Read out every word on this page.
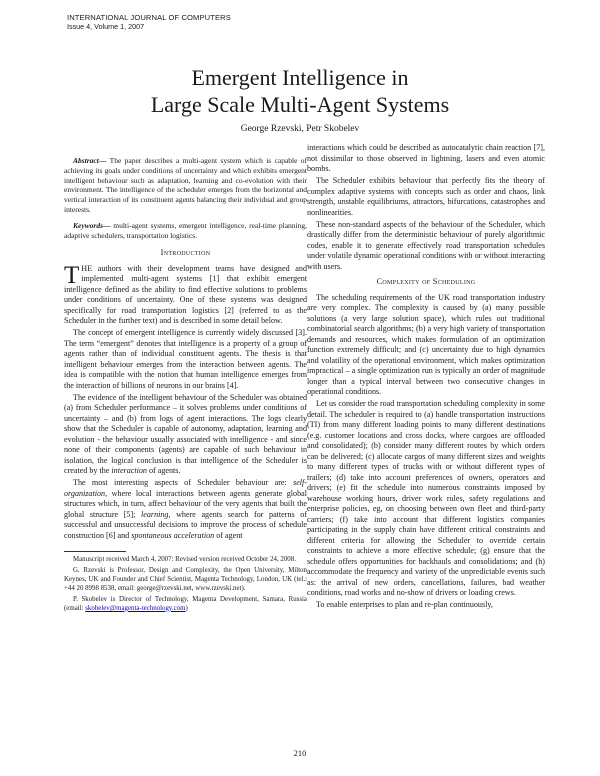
INTERNATIONAL JOURNAL OF COMPUTERS
Issue 4, Volume 1, 2007
Emergent Intelligence in
Large Scale Multi-Agent Systems
George Rzevski, Petr Skobelev

Abstract— The paper describes a multi-agent system which is capable of achieving its goals under conditions of uncertainty and which exhibits emergent intelligent behaviour such as adaptation, learning and co-evolution with their environment. The intelligence of the scheduler emerges from the horizontal and vertical interaction of its constituent agents balancing their individual and group interests.

Keywords— multi-agent systems, emergent intelligence, real-time planning, adaptive schedulers, transportation logistics.

Introduction

THE authors with their development teams have designed and implemented multi-agent systems [1] that exhibit emergent intelligence defined as the ability to find effective solutions to problems under conditions of uncertainty. One of these systems was designed specifically for road transportation logistics [2] (referred to as the Scheduler in the further text) and is described in some detail below.

The concept of emergent intelligence is currently widely discussed [3]. The term “emergent” denotes that intelligence is a property of a group of agents rather than of individual constituent agents. The thesis is that intelligent behaviour emerges from the interaction between agents. The idea is compatible with the notion that human intelligence emerges from the interaction of billions of neurons in our brains [4].

The evidence of the intelligent behaviour of the Scheduler was obtained (a) from Scheduler performance – it solves problems under conditions of uncertainty – and (b) from logs of agent interactions. The logs clearly show that the Scheduler is capable of autonomy, adaptation, learning and evolution - the behaviour usually associated with intelligence - and since none of their components (agents) are capable of such behaviour in isolation, the logical conclusion is that intelligence of the Scheduler is created by the interaction of agents.

The most interesting aspects of Scheduler behaviour are: self-organization, where local interactions between agents generate global structures which, in turn, affect behaviour of the very agents that built the global structure [5]; learning, where agents search for patterns of successful and unsuccessful decisions to improve the process of schedule construction [6] and spontaneous acceleration of agent

Manuscript received March 4, 2007: Revised version received October 24, 2008.

G. Rzevski is Professor, Design and Complexity, the Open University, Milton Keynes, UK and Founder and Chief Scientist, Magenta Technology, London, UK (tel.: +44 20 8998 8538, email: george@rzevski.net, www.rzevski.net).

P. Skobelev is Director of Technology, Magenta Development, Samara, Russia (email: skobelev@magenta-technology.com)

interactions which could be described as autocatalytic chain reaction [7], not dissimilar to those observed in lightning, lasers and even atomic bombs.

The Scheduler exhibits behaviour that perfectly fits the theory of complex adaptive systems with concepts such as order and chaos, link strength, unstable equilibriums, attractors, bifurcations, catastrophes and nonlinearities.

These non-standard aspects of the behaviour of the Scheduler, which drastically differ from the deterministic behaviour of purely algorithmic codes, enable it to generate effectively road transportation schedules under volatile dynamic operational conditions with or without interacting with users.

Complexity of Scheduling

The scheduling requirements of the UK road transportation industry are very complex. The complexity is caused by (a) many possible solutions (a very large solution space), which rules out traditional combinatorial search algorithms; (b) a very high variety of transportation demands and resources, which makes formulation of an optimization function extremely difficult; and (c) uncertainty due to high dynamics and volatility of the operational environment, which makes optimization impractical – a single optimization run is typically an order of magnitude longer than a typical interval between two consecutive changes in operational conditions.

Let us consider the road transportation scheduling complexity in some detail. The scheduler is required to (a) handle transportation instructions (TI) from many different loading points to many different destinations (e.g. customer locations and cross docks, where cargoes are offloaded and consolidated); (b) consider many different routes by which orders can be delivered; (c) allocate cargos of many different sizes and weights to many different types of trucks with or without different types of trailers; (d) take into account preferences of owners, operators and drivers; (e) fit the schedule into numerous constraints imposed by warehouse working hours, driver work rules, safety regulations and enterprise policies, eg, on choosing between own fleet and third-party carriers; (f) take into account that different logistics companies participating in the supply chain have different critical constraints and different criteria for allowing the Scheduler to override certain constraints to achieve a more effective schedule; (g) ensure that the schedule offers opportunities for backhauls and consolidations; and (h) accommodate the frequency and variety of the unpredictable events such as: the arrival of new orders, cancellations, failures, bad weather conditions, road works and no-show of drivers or loading crews.

To enable enterprises to plan and re-plan continuously,

210
